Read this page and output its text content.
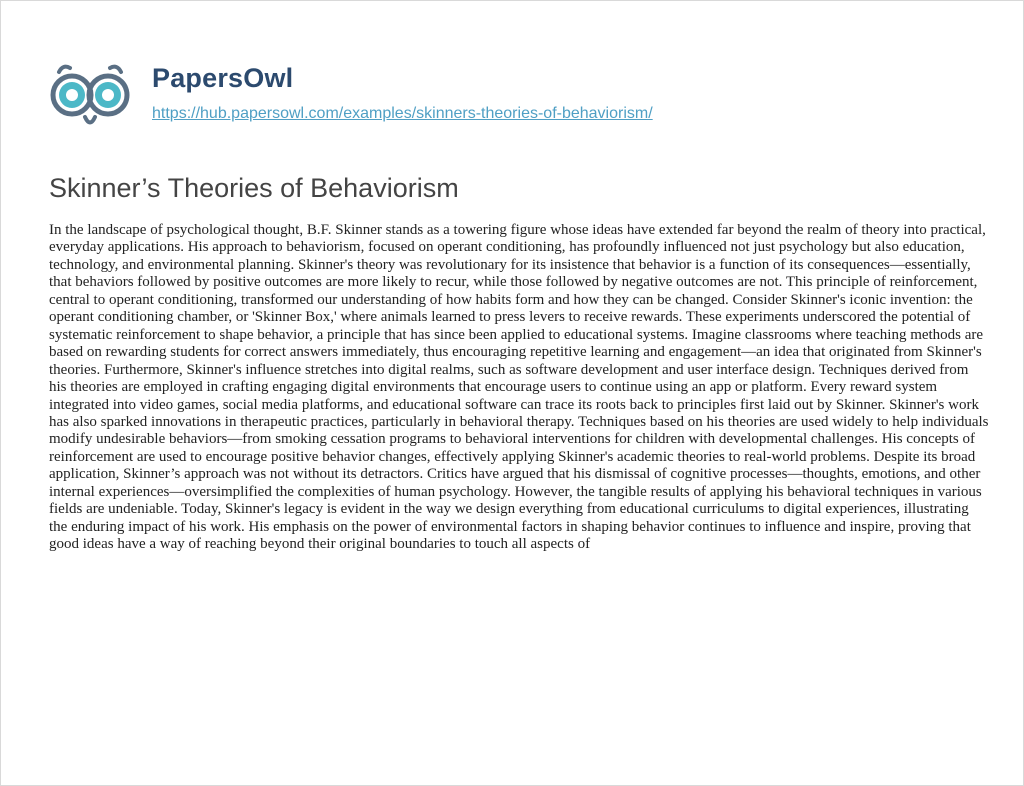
PapersOwl
https://hub.papersowl.com/examples/skinners-theories-of-behaviorism/
Skinner’s Theories of Behaviorism

In the landscape of psychological thought, B.F. Skinner stands as a towering figure whose ideas have extended far beyond the realm of theory into practical, everyday applications. His approach to behaviorism, focused on operant conditioning, has profoundly influenced not just psychology but also education, technology, and environmental planning. Skinner's theory was revolutionary for its insistence that behavior is a function of its consequences—essentially, that behaviors followed by positive outcomes are more likely to recur, while those followed by negative outcomes are not. This principle of reinforcement, central to operant conditioning, transformed our understanding of how habits form and how they can be changed. Consider Skinner's iconic invention: the operant conditioning chamber, or 'Skinner Box,' where animals learned to press levers to receive rewards. These experiments underscored the potential of systematic reinforcement to shape behavior, a principle that has since been applied to educational systems. Imagine classrooms where teaching methods are based on rewarding students for correct answers immediately, thus encouraging repetitive learning and engagement—an idea that originated from Skinner's theories. Furthermore, Skinner's influence stretches into digital realms, such as software development and user interface design. Techniques derived from his theories are employed in crafting engaging digital environments that encourage users to continue using an app or platform. Every reward system integrated into video games, social media platforms, and educational software can trace its roots back to principles first laid out by Skinner. Skinner's work has also sparked innovations in therapeutic practices, particularly in behavioral therapy. Techniques based on his theories are used widely to help individuals modify undesirable behaviors—from smoking cessation programs to behavioral interventions for children with developmental challenges. His concepts of reinforcement are used to encourage positive behavior changes, effectively applying Skinner's academic theories to real-world problems. Despite its broad application, Skinner’s approach was not without its detractors. Critics have argued that his dismissal of cognitive processes—thoughts, emotions, and other internal experiences—oversimplified the complexities of human psychology. However, the tangible results of applying his behavioral techniques in various fields are undeniable. Today, Skinner's legacy is evident in the way we design everything from educational curriculums to digital experiences, illustrating the enduring impact of his work. His emphasis on the power of environmental factors in shaping behavior continues to influence and inspire, proving that good ideas have a way of reaching beyond their original boundaries to touch all aspects of
